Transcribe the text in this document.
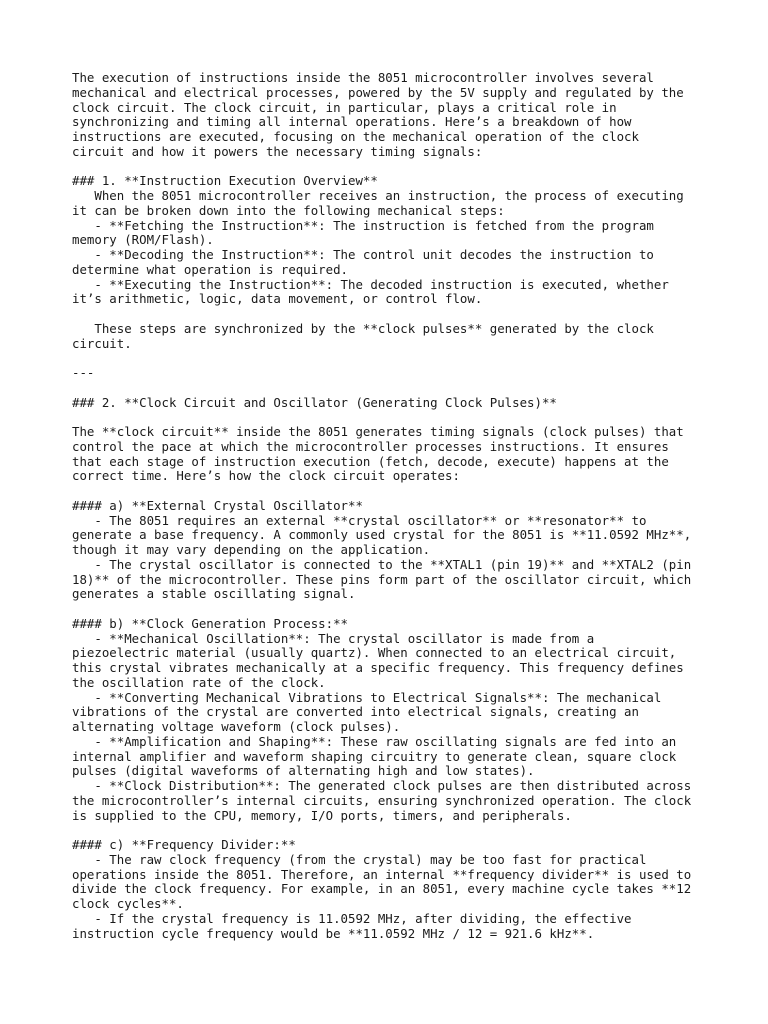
The execution of instructions inside the 8051 microcontroller involves several
mechanical and electrical processes, powered by the 5V supply and regulated by the
clock circuit. The clock circuit, in particular, plays a critical role in
synchronizing and timing all internal operations. Here’s a breakdown of how
instructions are executed, focusing on the mechanical operation of the clock
circuit and how it powers the necessary timing signals:
### 1. **Instruction Execution Overview**
When the 8051 microcontroller receives an instruction, the process of executing
it can be broken down into the following mechanical steps:
- **Fetching the Instruction**: The instruction is fetched from the program
memory (ROM/Flash).
- **Decoding the Instruction**: The control unit decodes the instruction to
determine what operation is required.
- **Executing the Instruction**: The decoded instruction is executed, whether
it’s arithmetic, logic, data movement, or control flow.
These steps are synchronized by the **clock pulses** generated by the clock
circuit.
---
### 2. **Clock Circuit and Oscillator (Generating Clock Pulses)**
The **clock circuit** inside the 8051 generates timing signals (clock pulses) that
control the pace at which the microcontroller processes instructions. It ensures
that each stage of instruction execution (fetch, decode, execute) happens at the
correct time. Here’s how the clock circuit operates:
#### a) **External Crystal Oscillator**
- The 8051 requires an external **crystal oscillator** or **resonator** to
generate a base frequency. A commonly used crystal for the 8051 is **11.0592 MHz**,
though it may vary depending on the application.
- The crystal oscillator is connected to the **XTAL1 (pin 19)** and **XTAL2 (pin
18)** of the microcontroller. These pins form part of the oscillator circuit, which
generates a stable oscillating signal.
#### b) **Clock Generation Process:**
- **Mechanical Oscillation**: The crystal oscillator is made from a
piezoelectric material (usually quartz). When connected to an electrical circuit,
this crystal vibrates mechanically at a specific frequency. This frequency defines
the oscillation rate of the clock.
- **Converting Mechanical Vibrations to Electrical Signals**: The mechanical
vibrations of the crystal are converted into electrical signals, creating an
alternating voltage waveform (clock pulses).
- **Amplification and Shaping**: These raw oscillating signals are fed into an
internal amplifier and waveform shaping circuitry to generate clean, square clock
pulses (digital waveforms of alternating high and low states).
- **Clock Distribution**: The generated clock pulses are then distributed across
the microcontroller’s internal circuits, ensuring synchronized operation. The clock
is supplied to the CPU, memory, I/O ports, timers, and peripherals.
#### c) **Frequency Divider:**
- The raw clock frequency (from the crystal) may be too fast for practical
operations inside the 8051. Therefore, an internal **frequency divider** is used to
divide the clock frequency. For example, in an 8051, every machine cycle takes **12
clock cycles**.
- If the crystal frequency is 11.0592 MHz, after dividing, the effective
instruction cycle frequency would be **11.0592 MHz / 12 = 921.6 kHz**.
